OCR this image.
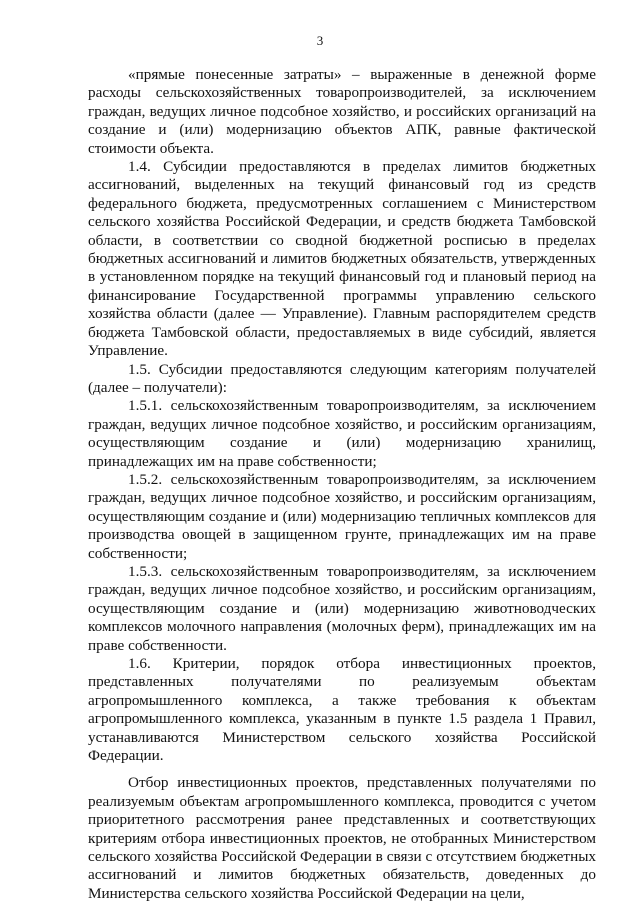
3

«прямые понесенные затраты» – выраженные в денежной форме расходы сельскохозяйственных товаропроизводителей, за исключением граждан, ведущих личное подсобное хозяйство, и российских организаций на создание и (или) модернизацию объектов АПК, равные фактической стоимости объекта.

1.4. Субсидии предоставляются в пределах лимитов бюджетных ассигнований, выделенных на текущий финансовый год из средств федерального бюджета, предусмотренных соглашением с Министерством сельского хозяйства Российской Федерации, и средств бюджета Тамбовской области, в соответствии со сводной бюджетной росписью в пределах бюджетных ассигнований и лимитов бюджетных обязательств, утвержденных в установленном порядке на текущий финансовый год и плановый период на финансирование Государственной программы управлению сельского хозяйства области (далее — Управление). Главным распорядителем средств бюджета Тамбовской области, предоставляемых в виде субсидий, является Управление.

1.5. Субсидии предоставляются следующим категориям получателей (далее – получатели):

1.5.1. сельскохозяйственным товаропроизводителям, за исключением граждан, ведущих личное подсобное хозяйство, и российским организациям, осуществляющим создание и (или) модернизацию хранилищ, принадлежащих им на праве собственности;

1.5.2. сельскохозяйственным товаропроизводителям, за исключением граждан, ведущих личное подсобное хозяйство, и российским организациям, осуществляющим создание и (или) модернизацию тепличных комплексов для производства овощей в защищенном грунте, принадлежащих им на праве собственности;

1.5.3. сельскохозяйственным товаропроизводителям, за исключением граждан, ведущих личное подсобное хозяйство, и российским организациям, осуществляющим создание и (или) модернизацию животноводческих комплексов молочного направления (молочных ферм), принадлежащих им на праве собственности.

1.6. Критерии, порядок отбора инвестиционных проектов, представленных получателями по реализуемым объектам агропромышленного комплекса, а также требования к объектам агропромышленного комплекса, указанным в пункте 1.5 раздела 1 Правил, устанавливаются Министерством сельского хозяйства Российской Федерации.

Отбор инвестиционных проектов, представленных получателями по реализуемым объектам агропромышленного комплекса, проводится с учетом приоритетного рассмотрения ранее представленных и соответствующих критериям отбора инвестиционных проектов, не отобранных Министерством сельского хозяйства Российской Федерации в связи с отсутствием бюджетных ассигнований и лимитов бюджетных обязательств, доведенных до Министерства сельского хозяйства Российской Федерации на цели,
